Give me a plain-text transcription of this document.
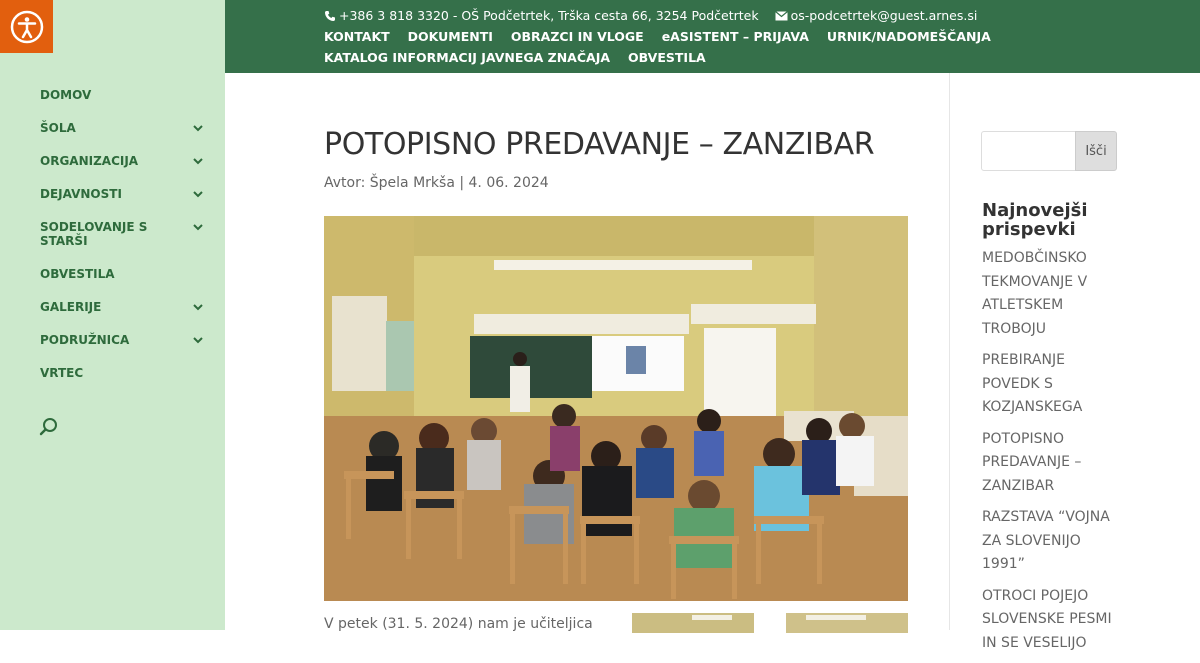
DOMOV
ŠOLA
ORGANIZACIJA
DEJAVNOSTI
SODELOVANJE S STARŠI
OBVESTILA
GALERIJE
PODRUŽNICA
VRTEC
+386 3 818 3320 - OŠ Podčetrtek, Trška cesta 66, 3254 Podčetrtek	os-podcetrtek@guest.arnes.si
KONTAKT DOKUMENTI OBRAZCI IN VLOGE eASISTENT – PRIJAVA URNIK/NADOMEŠČANJA
KATALOG INFORMACIJ JAVNEGA ZNAČAJA OBVESTILA
POTOPISNO PREDAVANJE – ZANZIBAR
Avtor: Špela Mrkša | 4. 06. 2024
V petek (31. 5. 2024) nam je učiteljica
Išči
Najnovejši prispevki
MEDOBČINSKO TEKMOVANJE V ATLETSKEM TROBOJU
PREBIRANJE POVEDK S KOZJANSKEGA
POTOPISNO PREDAVANJE – ZANZIBAR
RAZSTAVA “VOJNA ZA SLOVENIJO 1991”
OTROCI POJEJO SLOVENSKE PESMI IN SE VESELIJO
